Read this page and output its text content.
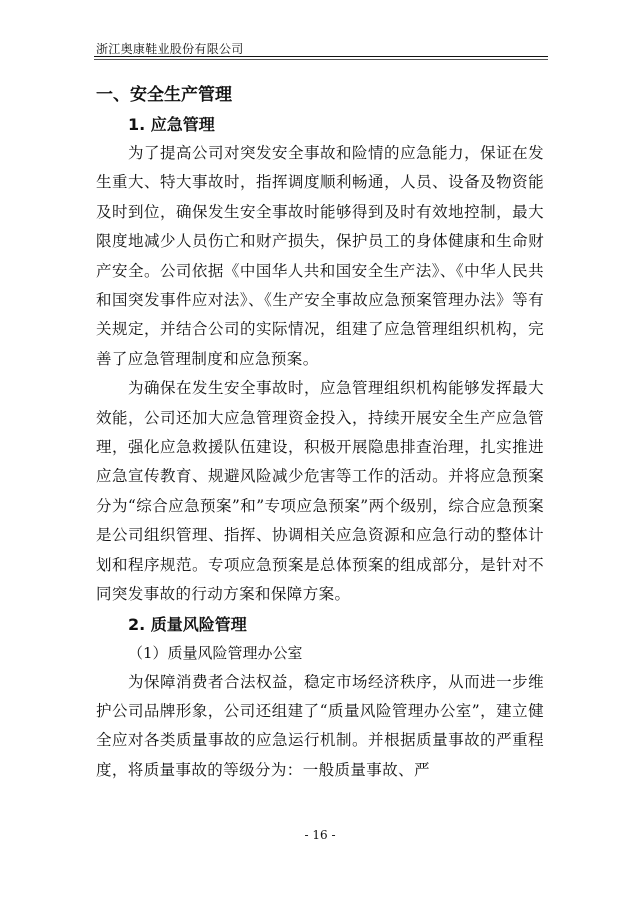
浙江奥康鞋业股份有限公司
一、安全生产管理
1. 应急管理

为了提高公司对突发安全事故和险情的应急能力，保证在发生重大、特大事故时，指挥调度顺利畅通，人员、设备及物资能及时到位，确保发生安全事故时能够得到及时有效地控制，最大限度地减少人员伤亡和财产损失，保护员工的身体健康和生命财产安全。公司依据《中国华人共和国安全生产法》、《中华人民共和国突发事件应对法》、《生产安全事故应急预案管理办法》等有关规定，并结合公司的实际情况，组建了应急管理组织机构，完善了应急管理制度和应急预案。

为确保在发生安全事故时，应急管理组织机构能够发挥最大效能，公司还加大应急管理资金投入，持续开展安全生产应急管理，强化应急救援队伍建设，积极开展隐患排查治理，扎实推进应急宣传教育、规避风险减少危害等工作的活动。并将应急预案分为“综合应急预案”和”专项应急预案”两个级别，综合应急预案是公司组织管理、指挥、协调相关应急资源和应急行动的整体计划和程序规范。专项应急预案是总体预案的组成部分，是针对不同突发事故的行动方案和保障方案。

2. 质量风险管理
（1）质量风险管理办公室

为保障消费者合法权益，稳定市场经济秩序，从而进一步维护公司品牌形象，公司还组建了“质量风险管理办公室”，建立健全应对各类质量事故的应急运行机制。并根据质量事故的严重程度，将质量事故的等级分为：一般质量事故、严

- 16 -
